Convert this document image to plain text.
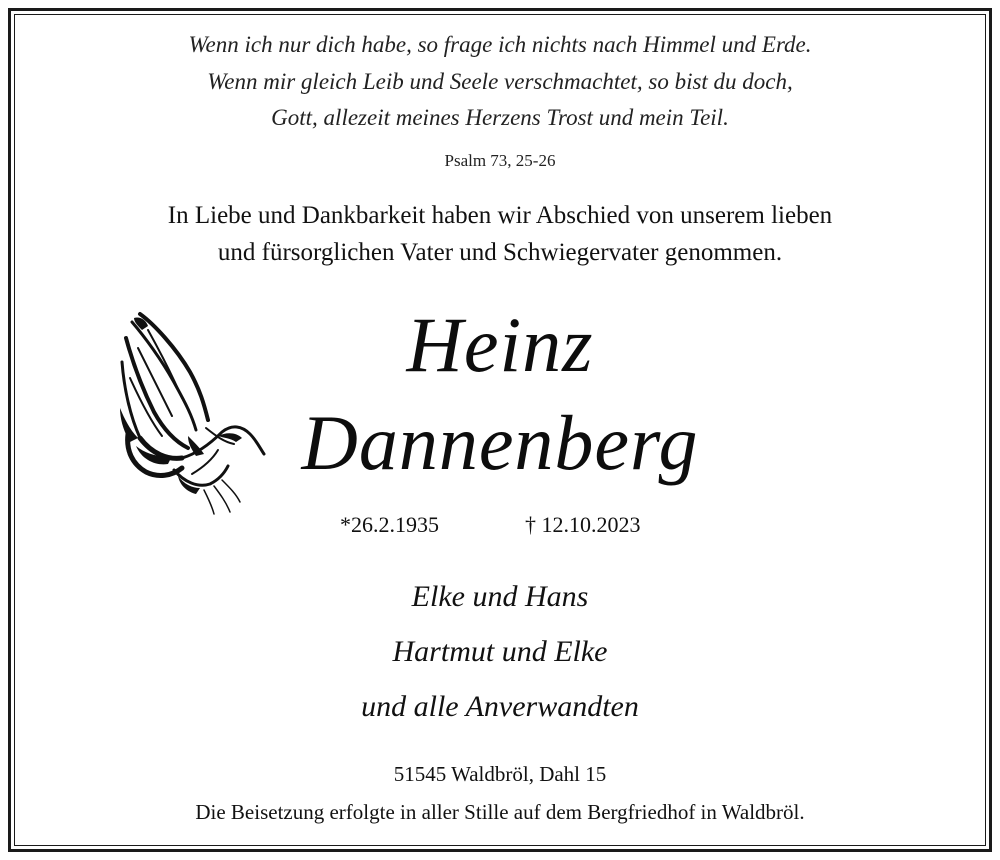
Wenn ich nur dich habe, so frage ich nichts nach Himmel und Erde.
Wenn mir gleich Leib und Seele verschmachtet, so bist du doch,
Gott, allezeit meines Herzens Trost und mein Teil.
Psalm 73, 25-26
In Liebe und Dankbarkeit haben wir Abschied von unserem lieben
und fürsorglichen Vater und Schwiegervater genommen.
Heinz
Dannenberg
*26.2.1935	† 12.10.2023
Elke und Hans
Hartmut und Elke
und alle Anverwandten
51545 Waldbröl, Dahl 15
Die Beisetzung erfolgte in aller Stille auf dem Bergfriedhof in Waldbröl.
